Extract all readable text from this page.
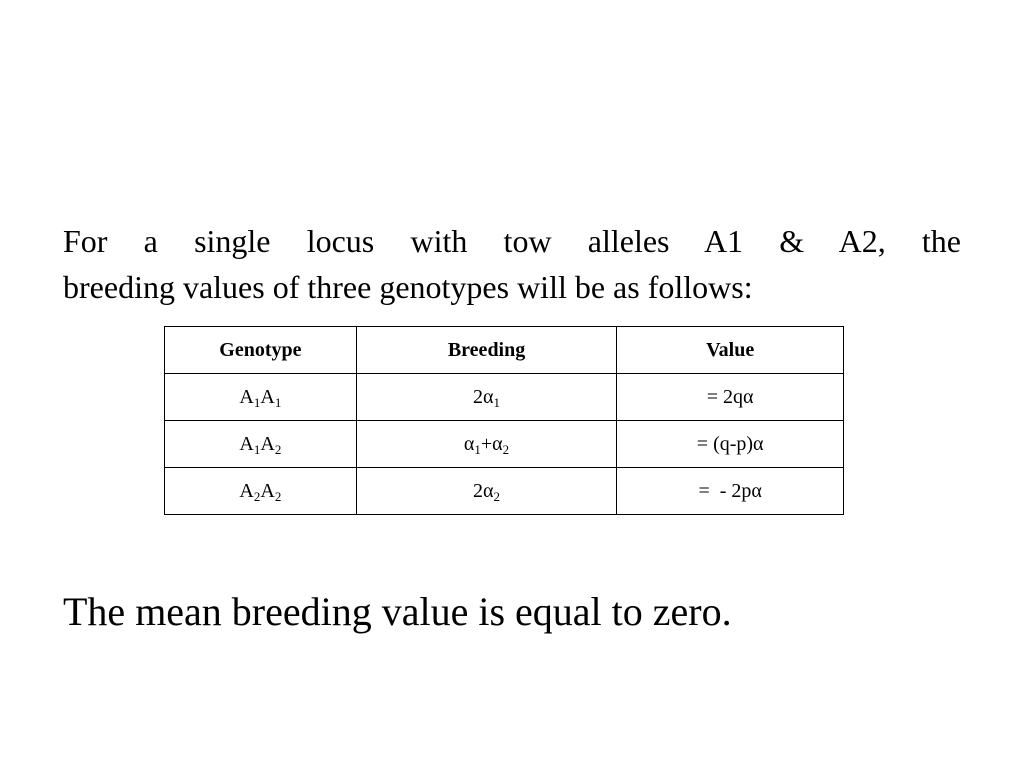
For a single locus with tow alleles A1 & A2, the
breeding values of three genotypes will be as follows:

Genotype	Breeding	Value
$A_1A_1$	$2\alpha_1$	= 2qα
$A_1A_2$	$\alpha_1+\alpha_2$	= (q-p)α
$A_2A_2$	$2\alpha_2$	=  - 2pα

The mean breeding value is equal to zero.
